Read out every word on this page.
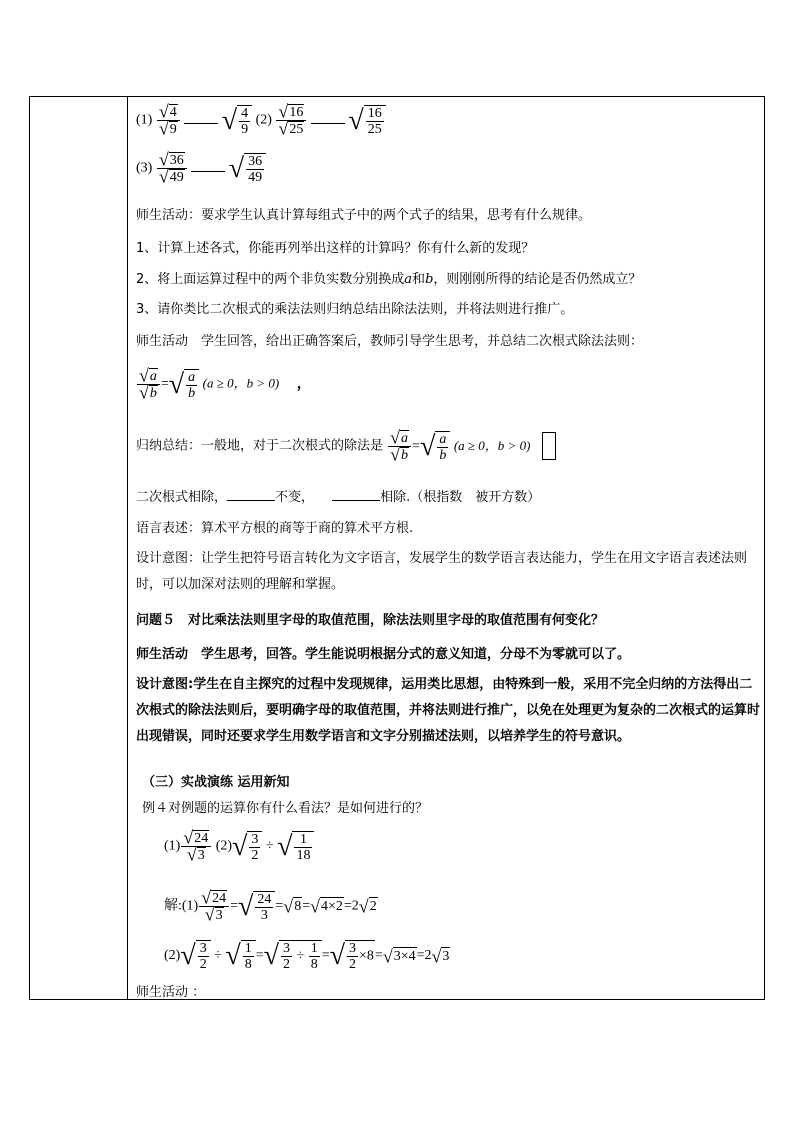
$(1) \frac{√4}{√9}$ √ $\frac{4}{9} (2) \frac{√16}{√25}$ √ $\frac{16}{25}$
$(3) \frac{√36}{√49}$ √ $\frac{36}{49}$
师生活动：要求学生认真计算每组式子中的两个式子的结果，思考有什么规律。
1、计算上述各式，你能再列举出这样的计算吗？你有什么新的发现？
2、将上面运算过程中的两个非负实数分别换成a和b，则刚刚所得的结论是否仍然成立？
3、请你类比二次根式的乘法法则归纳总结出除法法则，并将法则进行推广。
师生活动　学生回答，给出正确答案后，教师引导学生思考，并总结二次根式除法法则：
$\frac{√a}{√b}$ =√ $\frac{a}{b} (a \ge 0$，b > 0) ，
归纳总结：一般地，对于二次根式的除法是 $\frac{√a}{√b}$ =√ $\frac{a}{b} (a \ge 0$，b > 0)
二次根式相除，	不变，	相除.（根指数　被开方数）
语言表述：算术平方根的商等于商的算术平方根.
设计意图：让学生把符号语言转化为文字语言，发展学生的数学语言表达能力，学生在用文字语言表述法则时，可以加深对法则的理解和掌握。
问题５　对比乘法法则里字母的取值范围，除法法则里字母的取值范围有何变化？
师生活动　学生思考，回答。学生能说明根据分式的意义知道，分母不为零就可以了。
设计意图:学生在自主探究的过程中发现规律，运用类比思想，由特殊到一般，采用不完全归纳的方法得出二次根式的除法法则后，要明确字母的取值范围，并将法则进行推广，以免在处理更为复杂的二次根式的运算时出现错误，同时还要求学生用数学语言和文字分别描述法则，以培养学生的符号意识。
（三）实战演练 运用新知
例４对例题的运算你有什么看法？是如何进行的？
$(1) \frac{√24}{√3} (2)√ \frac{3}{2}$ ÷ √ $\frac{1}{18}$
解:(1) $\frac{√24}{√3}$ =√ $\frac{24}{3} =√8=√4\times 2=2√2$
$(2)√ \frac{3}{2}$ ÷ √ $\frac{1}{8}$ =√ $\frac{3}{2} \div \frac{1}{8}$ =√ $\frac{3}{2} \times 8=√3\times 4=2√3$
师生活动 ：
